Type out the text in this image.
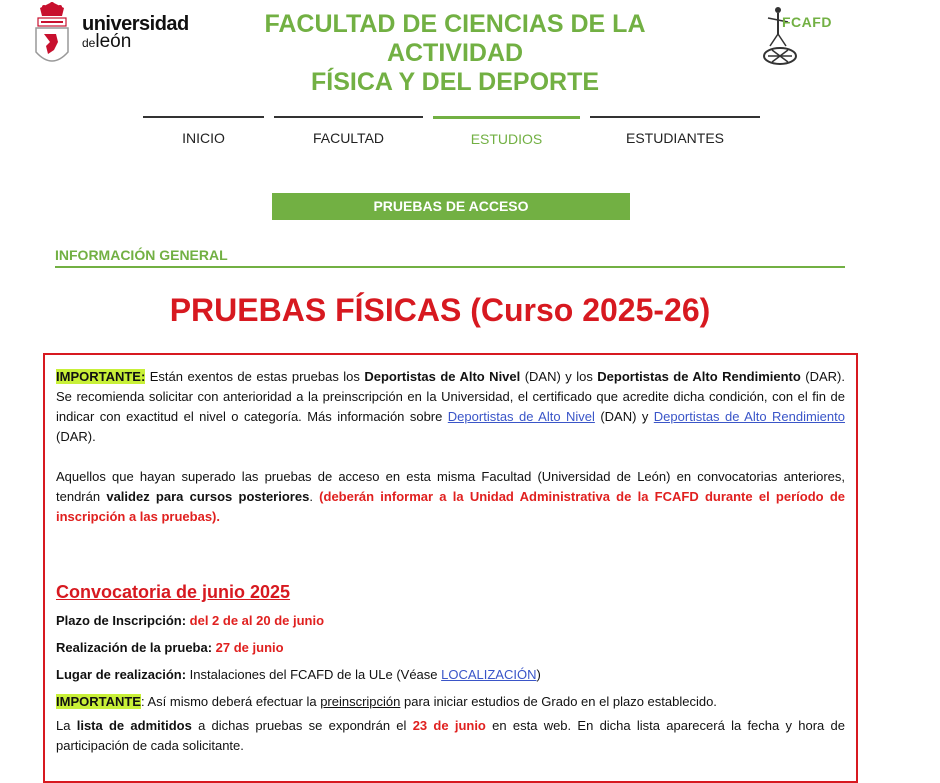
universidad
deleón
FACULTAD DE CIENCIAS DE LA ACTIVIDAD
FÍSICA Y DEL DEPORTE
FCAFD
INICIO	FACULTAD	ESTUDIOS	ESTUDIANTES
PRUEBAS DE ACCESO
INFORMACIÓN GENERAL
PRUEBAS FÍSICAS (Curso 2025-26)

IMPORTANTE: Están exentos de estas pruebas los Deportistas de Alto Nivel (DAN) y los Deportistas de Alto Rendimiento (DAR). Se recomienda solicitar con anterioridad a la preinscripción en la Universidad, el certificado que acredite dicha condición, con el fin de indicar con exactitud el nivel o categoría. Más información sobre Deportistas de Alto Nivel (DAN) y Deportistas de Alto Rendimiento (DAR).

Aquellos que hayan superado las pruebas de acceso en esta misma Facultad (Universidad de León) en convocatorias anteriores, tendrán validez para cursos posteriores. (deberán informar a la Unidad Administrativa de la FCAFD durante el período de inscripción a las pruebas).

Convocatoria de junio 2025

Plazo de Inscripción: del 2 de al 20 de junio

Realización de la prueba: 27 de junio

Lugar de realización: Instalaciones del FCAFD de la ULe (Véase LOCALIZACIÓN)

IMPORTANTE: Así mismo deberá efectuar la preinscripción para iniciar estudios de Grado en el plazo establecido.

La lista de admitidos a dichas pruebas se expondrán el 23 de junio en esta web. En dicha lista aparecerá la fecha y hora de participación de cada solicitante.
